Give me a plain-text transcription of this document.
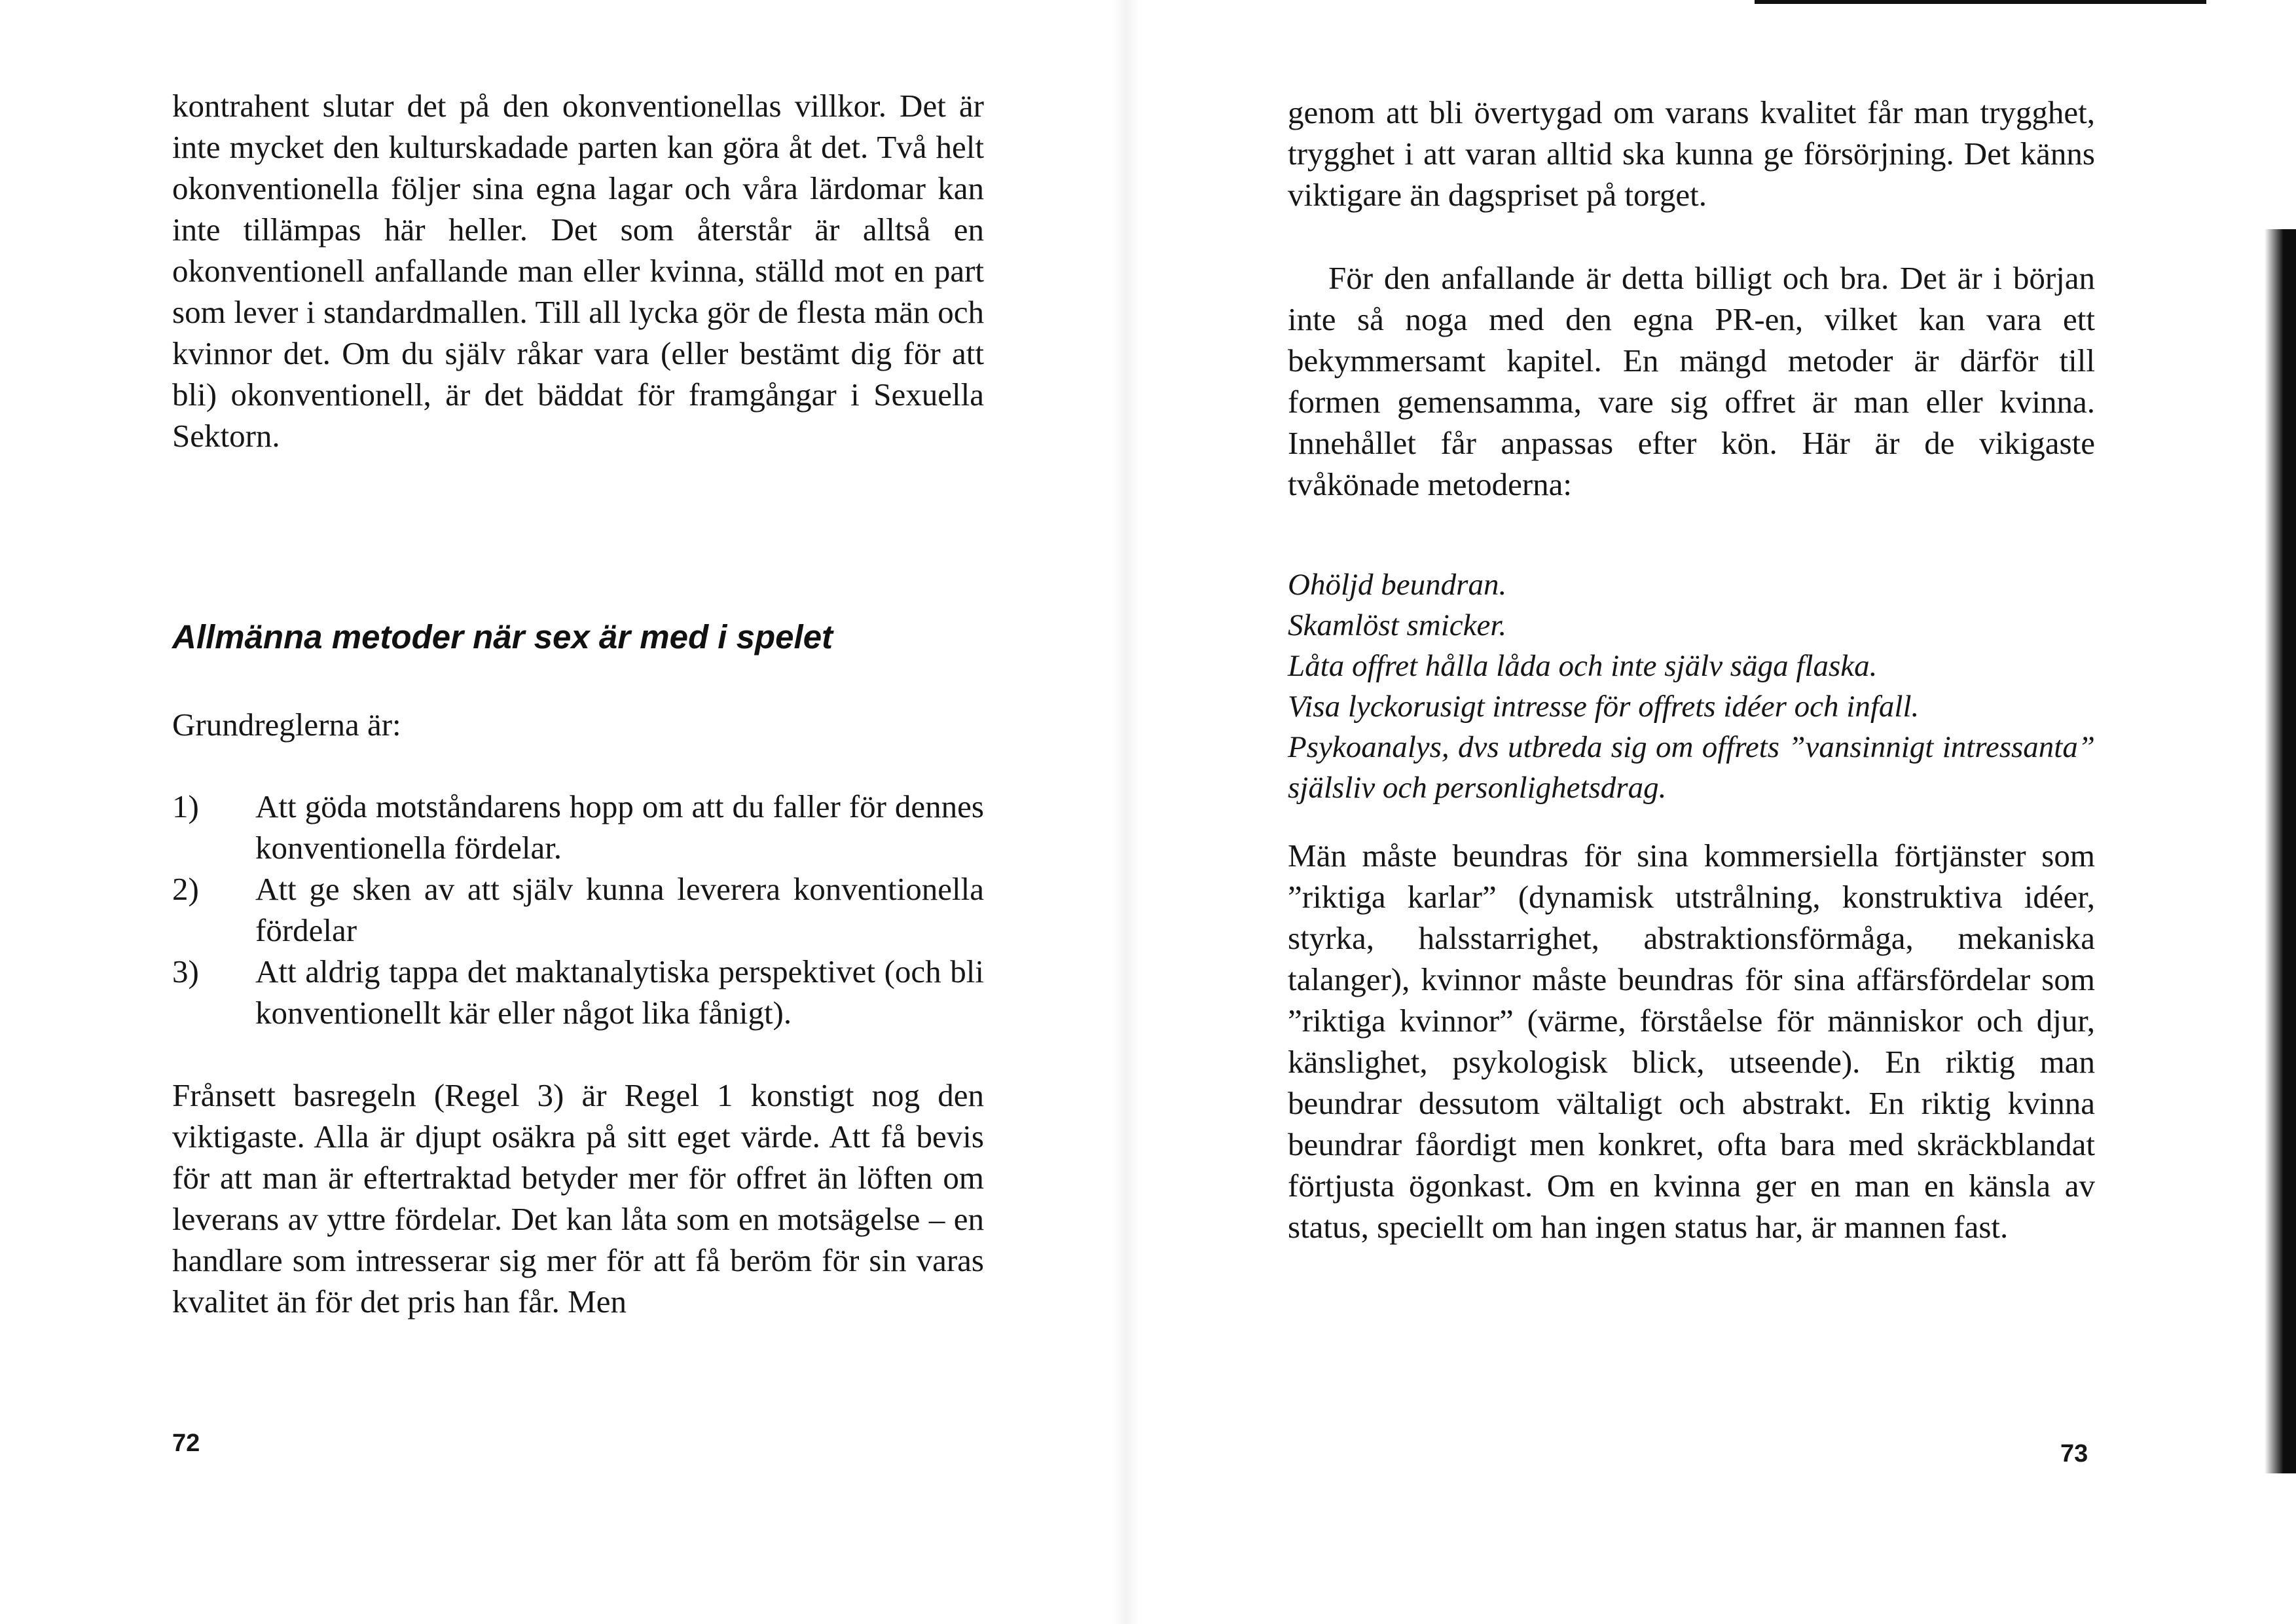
kontrahent slutar det på den okonventionellas villkor. Det är inte mycket den kulturskadade parten kan göra åt det. Två helt okonventionella följer sina egna lagar och våra lärdomar kan inte tillämpas här heller. Det som återstår är alltså en okonventionell anfallande man eller kvinna, ställd mot en part som lever i standardmallen. Till all lycka gör de flesta män och kvinnor det. Om du själv råkar vara (eller bestämt dig för att bli) okonventionell, är det bäddat för framgångar i Sexuella Sektorn.

Allmänna metoder när sex är med i spelet

Grundreglerna är:

1)	Att göda motståndarens hopp om att du faller för dennes konventionella fördelar.
2)	Att ge sken av att själv kunna leverera konventionella fördelar
3)	Att aldrig tappa det maktanalytiska perspektivet (och bli konventionellt kär eller något lika fånigt).

Frånsett basregeln (Regel 3) är Regel 1 konstigt nog den viktigaste. Alla är djupt osäkra på sitt eget värde. Att få bevis för att man är eftertraktad betyder mer för offret än löften om leverans av yttre fördelar. Det kan låta som en motsägelse – en handlare som intresserar sig mer för att få beröm för sin varas kvalitet än för det pris han får. Men

72

genom att bli övertygad om varans kvalitet får man trygghet, trygghet i att varan alltid ska kunna ge försörjning. Det känns viktigare än dagspriset på torget.

För den anfallande är detta billigt och bra. Det är i början inte så noga med den egna PR-en, vilket kan vara ett bekymmersamt kapitel. En mängd metoder är därför till formen gemensamma, vare sig offret är man eller kvinna. Innehållet får anpassas efter kön. Här är de vikigaste tvåkönade metoderna:

Ohöljd beundran.
Skamlöst smicker.
Låta offret hålla låda och inte själv säga flaska.
Visa lyckorusigt intresse för offrets idéer och infall.
Psykoanalys, dvs utbreda sig om offrets ”vansinnigt intressanta” själsliv och personlighetsdrag.

Män måste beundras för sina kommersiella förtjänster som ”riktiga karlar” (dynamisk utstrålning, konstruktiva idéer, styrka, halsstarrighet, abstraktionsförmåga, mekaniska talanger), kvinnor måste beundras för sina affärsfördelar som ”riktiga kvinnor” (värme, förståelse för människor och djur, känslighet, psykologisk blick, utseende). En riktig man beundrar dessutom vältaligt och abstrakt. En riktig kvinna beundrar fåordigt men konkret, ofta bara med skräckblandat förtjusta ögonkast. Om en kvinna ger en man en känsla av status, speciellt om han ingen status har, är mannen fast.

73
